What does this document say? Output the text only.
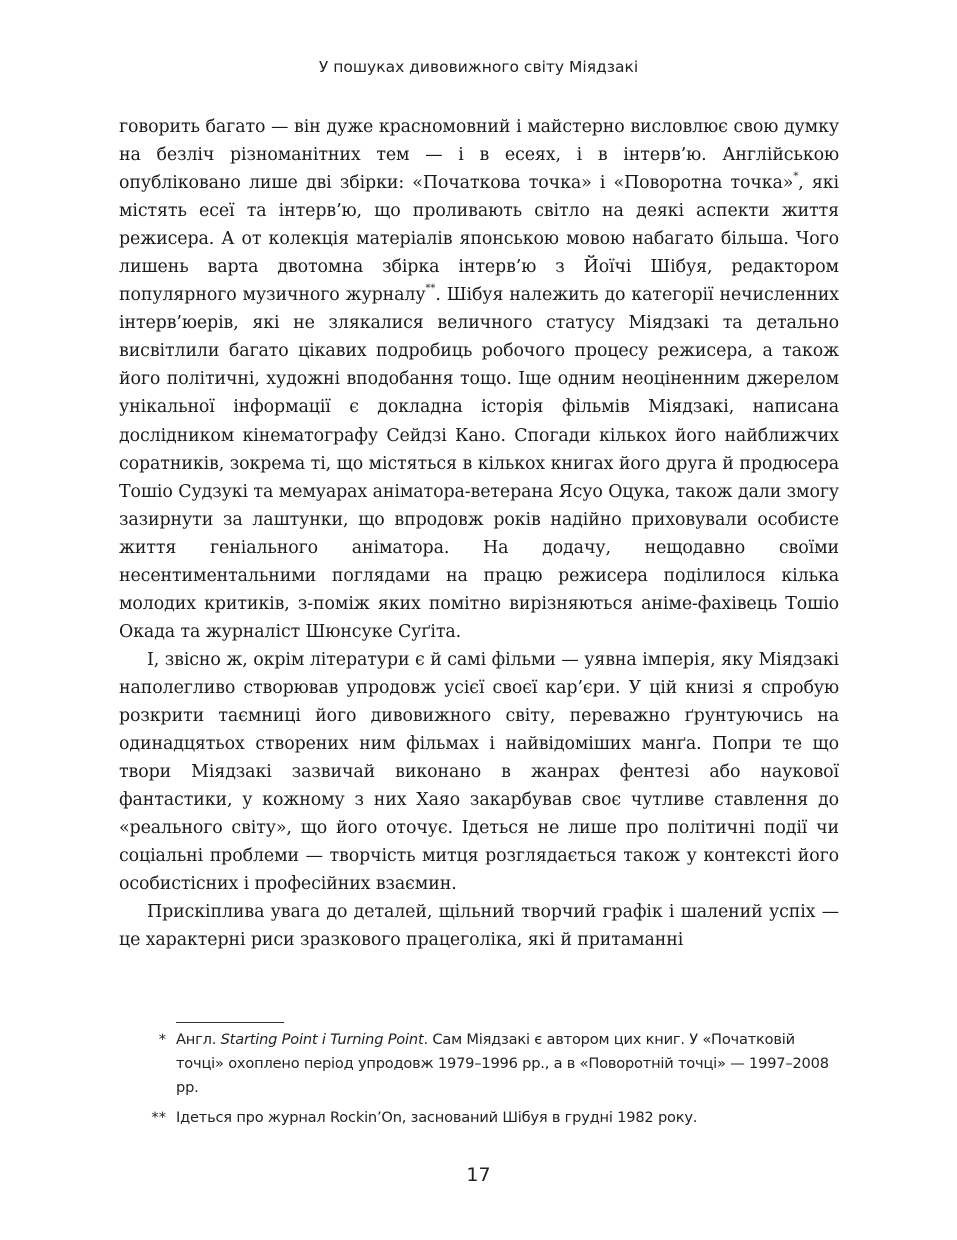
У пошуках дивовижного світу Міядзакі

говорить багато — він дуже красномовний і майстерно висловлює свою думку на безліч різноманітних тем — і в есеях, і в інтерв’ю. Англійською опубліковано лише дві збірки: «Початкова точка» і «Поворотна точка»*, які містять есеї та інтерв’ю, що проливають світло на деякі аспекти життя режисера. А от колекція матеріалів японською мовою набагато більша. Чого лишень варта двотомна збірка інтерв’ю з Йоїчі Шібуя, редактором популярного музичного журналу**. Шібуя належить до категорії нечисленних інтерв’юерів, які не злякалися величного статусу Міядзакі та детально висвітлили багато цікавих подробиць робочого процесу режисера, а також його політичні, художні вподобання тощо. Іще одним неоціненним джерелом унікальної інформації є докладна історія фільмів Міядзакі, написана дослідником кінематографу Сейдзі Кано. Спогади кількох його найближчих соратників, зокрема ті, що містяться в кількох книгах його друга й продюсера Тошіо Судзукі та мемуарах аніматора-ветерана Ясуо Оцука, також дали змогу зазирнути за лаштунки, що впродовж років надійно приховували особисте життя геніального аніматора. На додачу, нещодавно своїми несентиментальними поглядами на працю режисера поділилося кілька молодих критиків, з-поміж яких помітно вирізняються аніме-фахівець Тошіо Окада та журналіст Шюнсуке Суґіта.

І, звісно ж, окрім літератури є й самі фільми — уявна імперія, яку Міядзакі наполегливо створював упродовж усієї своєї кар’єри. У цій книзі я спробую розкрити таємниці його дивовижного світу, переважно ґрунтуючись на одинадцятьох створених ним фільмах і найвідоміших манґа. Попри те що твори Міядзакі зазвичай виконано в жанрах фентезі або наукової фантастики, у кожному з них Хаяо закарбував своє чутливе ставлення до «реального світу», що його оточує. Ідеться не лише про політичні події чи соціальні проблеми — творчість митця розглядається також у контексті його особистісних і професійних взаємин.

Прискіплива увага до деталей, щільний творчий графік і шалений успіх — це характерні риси зразкового працеголіка, які й притаманні

* Англ. Starting Point і Turning Point. Сам Міядзакі є автором цих книг. У «Початковій точці» охоплено період упродовж 1979–1996 рр., а в «Поворотній точці» — 1997–2008 рр.
** Ідеться про журнал Rockin’On, заснований Шібуя в грудні 1982 року.
17
